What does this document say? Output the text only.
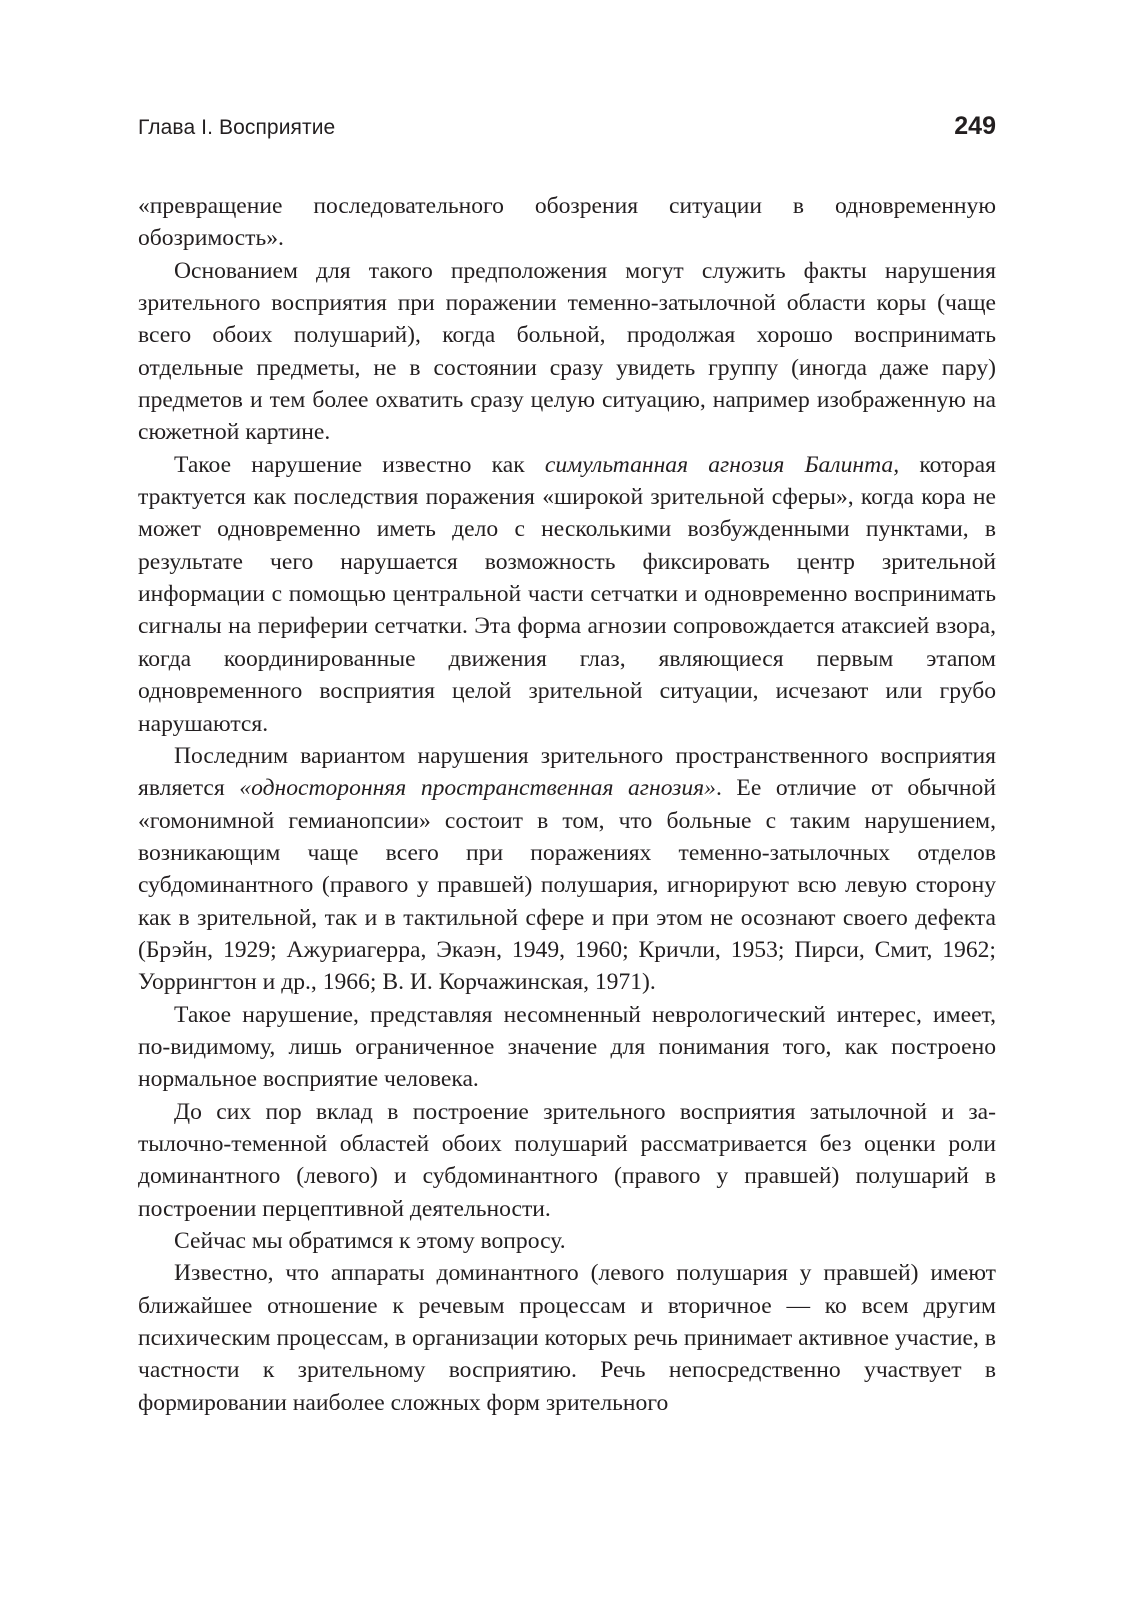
Глава I. Восприятие	249

«превращение последовательного обозрения ситуации в одновременную обозримость».

Основанием для такого предположения могут служить факты нарушения зрительного восприятия при поражении теменно-затылочной области коры (чаще всего обоих полушарий), когда больной, продолжая хорошо воспринимать отдельные предметы, не в состоянии сразу увидеть группу (иногда даже пару) предметов и тем более охватить сразу целую ситуацию, например изображенную на сюжетной картине.

Такое нарушение известно как симультанная агнозия Балинта, которая трактуется как последствия поражения «широкой зрительной сферы», когда кора не может одновременно иметь дело с несколькими возбужденными пунктами, в результате чего нарушается возможность фиксировать центр зрительной информации с помощью центральной части сетчатки и одновременно воспринимать сигналы на периферии сетчатки. Эта форма агнозии сопровождается атаксией взора, когда координированные движения глаз, являющиеся первым этапом одновременного восприятия целой зрительной ситуации, исчезают или грубо нарушаются.

Последним вариантом нарушения зрительного пространственного восприятия является «односторонняя пространственная агнозия». Ее отличие от обычной «гомонимной гемианопсии» состоит в том, что больные с таким нарушением, возникающим чаще всего при поражениях теменно-затылочных отделов субдоминантного (правого у правшей) полушария, игнорируют всю левую сторону как в зрительной, так и в тактильной сфере и при этом не осознают своего дефекта (Брэйн, 1929; Ажуриагерра, Экаэн, 1949, 1960; Кричли, 1953; Пирси, Смит, 1962; Уоррингтон и др., 1966; В. И. Корчажинская, 1971).

Такое нарушение, представляя несомненный неврологический интерес, имеет, по-видимому, лишь ограниченное значение для понимания того, как построено нормальное восприятие человека.

До сих пор вклад в построение зрительного восприятия затылочной и затылочно-теменной областей обоих полушарий рассматривается без оценки роли доминантного (левого) и субдоминантного (правого у правшей) полушарий в построении перцептивной деятельности.

Сейчас мы обратимся к этому вопросу.

Известно, что аппараты доминантного (левого полушария у правшей) имеют ближайшее отношение к речевым процессам и вторичное — ко всем другим психическим процессам, в организации которых речь принимает активное участие, в частности к зрительному восприятию. Речь непосредственно участвует в формировании наиболее сложных форм зрительного
